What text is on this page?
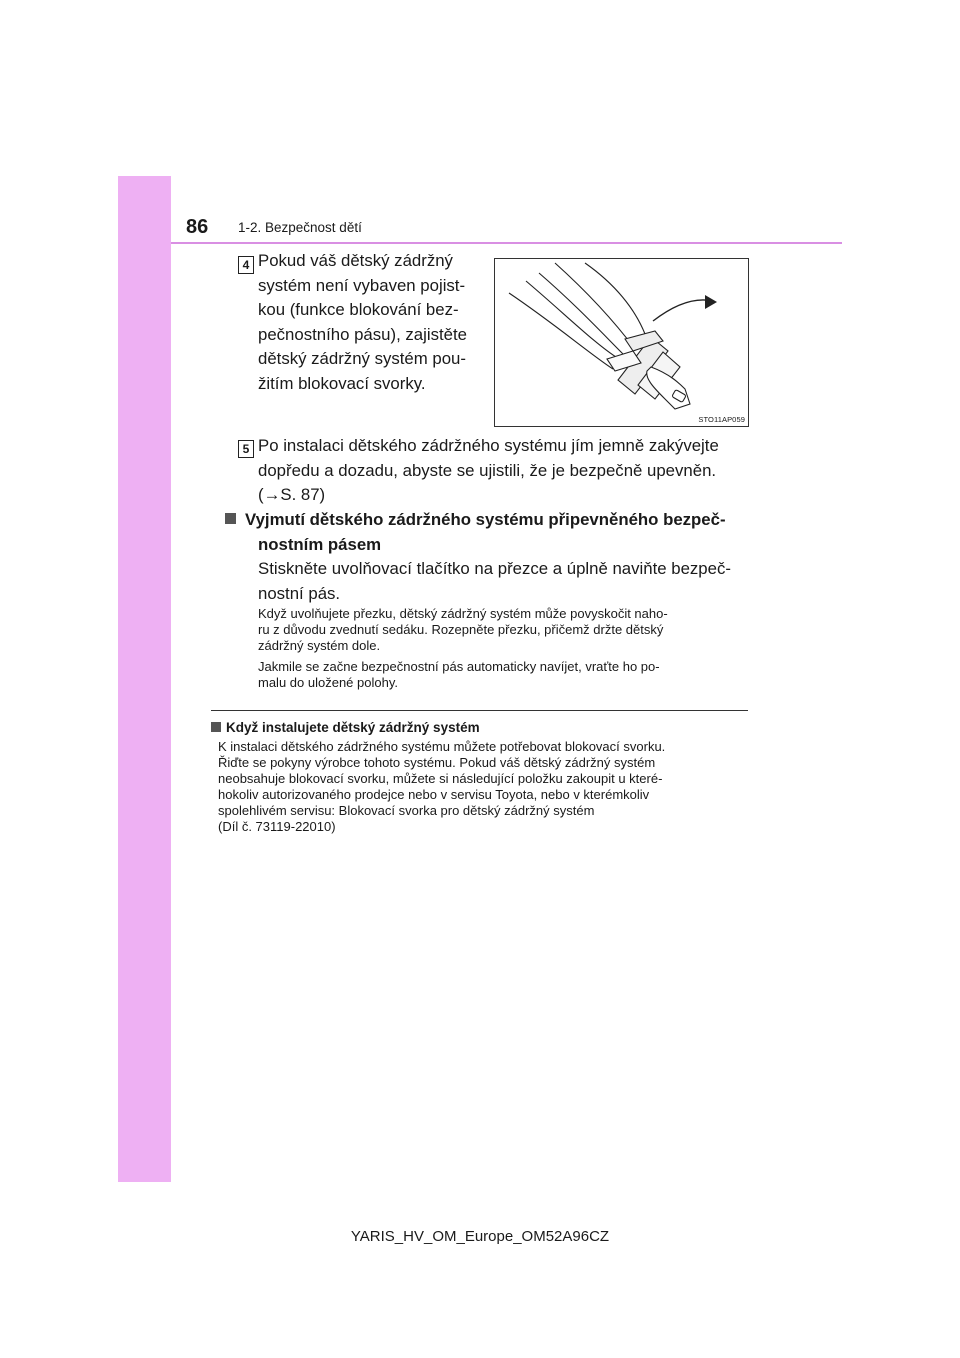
86 1-2. Bezpečnost dětí
4 Pokud váš dětský zádržný
systém není vybaven pojist-
kou (funkce blokování bez-
pečnostního pásu), zajistěte
dětský zádržný systém pou-
žitím blokovací svorky.
STO11AP059
5 Po instalaci dětského zádržného systému jím jemně zakývejte
dopředu a dozadu, abyste se ujistili, že je bezpečně upevněn.
(→S. 87)
Vyjmutí dětského zádržného systému připevněného bezpeč-
nostním pásem
Stiskněte uvolňovací tlačítko na přezce a úplně naviňte bezpeč-
nostní pás.
Když uvolňujete přezku, dětský zádržný systém může povyskočit naho-
ru z důvodu zvednutí sedáku. Rozepněte přezku, přičemž držte dětský
zádržný systém dole.
Jakmile se začne bezpečnostní pás automaticky navíjet, vraťte ho po-
malu do uložené polohy.
Když instalujete dětský zádržný systém
K instalaci dětského zádržného systému můžete potřebovat blokovací svorku.
Řiďte se pokyny výrobce tohoto systému. Pokud váš dětský zádržný systém
neobsahuje blokovací svorku, můžete si následující položku zakoupit u které-
hokoliv autorizovaného prodejce nebo v servisu Toyota, nebo v kterémkoliv
spolehlivém servisu: Blokovací svorka pro dětský zádržný systém
(Díl č. 73119-22010)
YARIS_HV_OM_Europe_OM52A96CZ
